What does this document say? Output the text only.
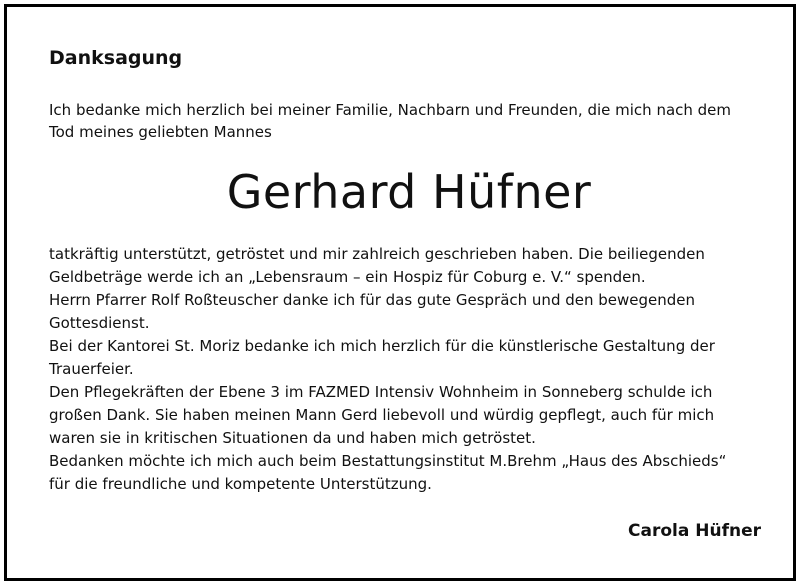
Danksagung
Ich bedanke mich herzlich bei meiner Familie, Nachbarn und Freunden, die mich nach dem
Tod meines geliebten Mannes
Gerhard Hüfner
tatkräftig unterstützt, getröstet und mir zahlreich geschrieben haben. Die beiliegenden
Geldbeträge werde ich an „Lebensraum – ein Hospiz für Coburg e. V.“ spenden.
Herrn Pfarrer Rolf Roßteuscher danke ich für das gute Gespräch und den bewegenden
Gottesdienst.
Bei der Kantorei St. Moriz bedanke ich mich herzlich für die künstlerische Gestaltung der
Trauerfeier.
Den Pflegekräften der Ebene 3 im FAZMED Intensiv Wohnheim in Sonneberg schulde ich
großen Dank. Sie haben meinen Mann Gerd liebevoll und würdig gepflegt, auch für mich
waren sie in kritischen Situationen da und haben mich getröstet.
Bedanken möchte ich mich auch beim Bestattungsinstitut M.Brehm „Haus des Abschieds“
für die freundliche und kompetente Unterstützung.
Carola Hüfner
